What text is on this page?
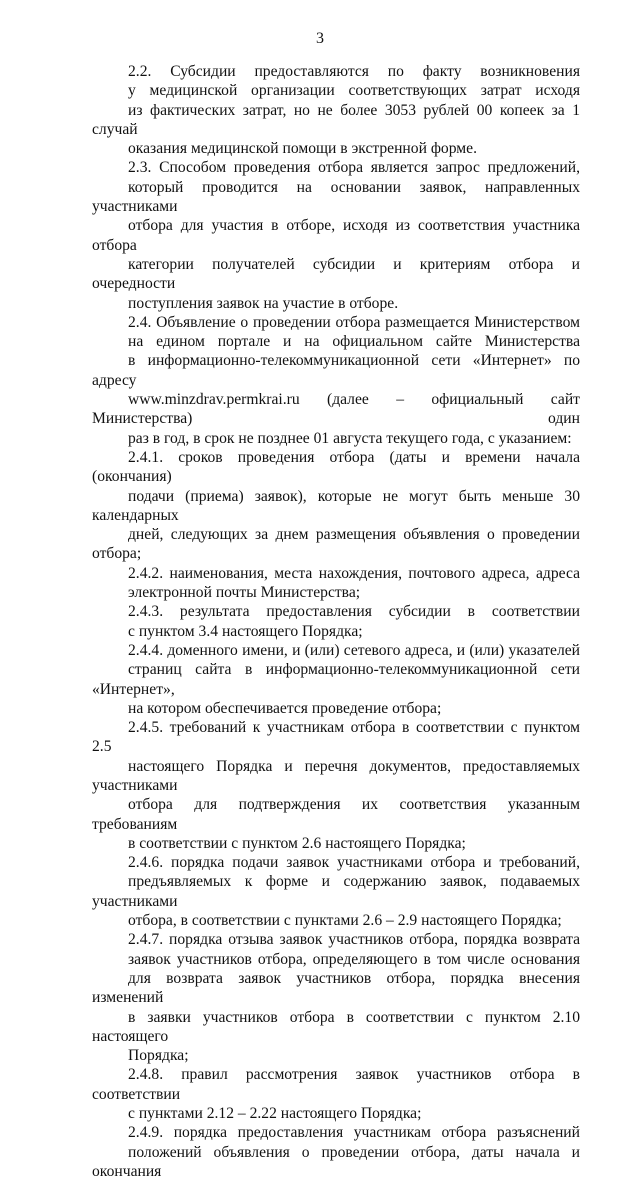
3

2.2. Субсидии предоставляются по факту возникновения
у медицинской организации соответствующих затрат исходя
из фактических затрат, но не более 3053 рублей 00 копеек за 1 случай
оказания медицинской помощи в экстренной форме.

2.3. Способом проведения отбора является запрос предложений,
который проводится на основании заявок, направленных участниками
отбора для участия в отборе, исходя из соответствия участника отбора
категории получателей субсидии и критериям отбора и очередности
поступления заявок на участие в отборе.

2.4. Объявление о проведении отбора размещается Министерством
на едином портале и на официальном сайте Министерства
в информационно-телекоммуникационной сети «Интернет» по адресу
www.minzdrav.permkrai.ru (далее – официальный сайт Министерства) один
раз в год, в срок не позднее 01 августа текущего года, с указанием:

2.4.1. сроков проведения отбора (даты и времени начала (окончания)
подачи (приема) заявок), которые не могут быть меньше 30 календарных
дней, следующих за днем размещения объявления о проведении отбора;

2.4.2. наименования, места нахождения, почтового адреса, адреса
электронной почты Министерства;

2.4.3. результата предоставления субсидии в соответствии
с пунктом 3.4 настоящего Порядка;

2.4.4. доменного имени, и (или) сетевого адреса, и (или) указателей
страниц сайта в информационно-телекоммуникационной сети «Интернет»,
на котором обеспечивается проведение отбора;

2.4.5. требований к участникам отбора в соответствии с пунктом 2.5
настоящего Порядка и перечня документов, предоставляемых участниками
отбора для подтверждения их соответствия указанным требованиям
в соответствии с пунктом 2.6 настоящего Порядка;

2.4.6. порядка подачи заявок участниками отбора и требований,
предъявляемых к форме и содержанию заявок, подаваемых участниками
отбора, в соответствии с пунктами 2.6 – 2.9 настоящего Порядка;

2.4.7. порядка отзыва заявок участников отбора, порядка возврата
заявок участников отбора, определяющего в том числе основания
для возврата заявок участников отбора, порядка внесения изменений
в заявки участников отбора в соответствии с пунктом 2.10 настоящего
Порядка;

2.4.8. правил рассмотрения заявок участников отбора в соответствии
с пунктами 2.12 – 2.22 настоящего Порядка;

2.4.9. порядка предоставления участникам отбора разъяснений
положений объявления о проведении отбора, даты начала и окончания
